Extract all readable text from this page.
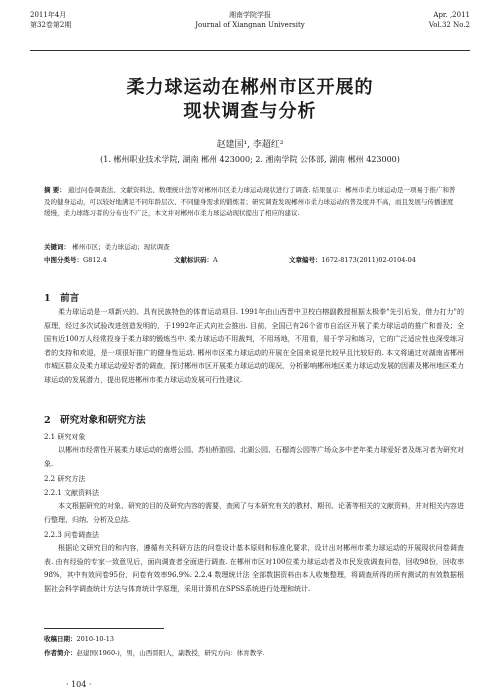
2011年4月
第32卷第2期
湘南学院学报
Journal of Xiangnan University
Apr. ,2011
Vol.32 No.2
柔力球运动在郴州市区开展的
现状调查与分析
赵建国¹, 李超红²
(1. 郴州职业技术学院, 湖南 郴州 423000; 2. 湘南学院 公体部, 湖南 郴州 423000)
摘 要： 通过问卷调查法、文献资料法、数理统计法等对郴州市区柔力球运动现状进行了调查. 结果显示：郴州市柔力球运动是一项易于推广和普及的健身运动，可以较好地满足不同年龄层次、不同健身需求的锻炼者；研究调查发现郴州市柔力球运动的普及度并不高，而且发展与传播速度缓慢，柔力球练习者的分布也不广泛，本文并对郴州市柔力球运动现状提出了相应的建议.
关键词： 郴州市区；柔力球运动；现状调查
中图分类号：G812.4	文献标识码：A	文章编号：1672-8173(2011)02-0104-04
1　前言
柔力球运动是一项新兴的、具有民族特色的体育运动项目. 1991年由山西晋中卫校白榕副教授根据太极拳"先引后发，借力打力"的原理，经过多次试验改进创造发明的，于1992年正式向社会推出. 目前，全国已有26个省市自治区开展了柔力球运动的推广和普及；全国有近100万人经常投身于柔力球的锻炼当中. 柔力球运动不用裁判，不用场地，不用看，易于学习和练习，它的广泛适应性也深受练习者的支持和欢迎，是一项很好推广的健身性运动. 郴州市区柔力球运动的开展在全国来说是比较早且比较好的. 本文将通过对湖南省郴州市城区群众及柔力球运动爱好者的调查，探讨郴州市区开展柔力球运动的现况，分析影响郴州地区柔力球运动发展的因素及郴州地区柔力球运动的发展潜力，提出促进郴州市柔力球运动发展可行性建议.
2　研究对象和研究方法
2.1 研究对象
以郴州市经常性开展柔力球运动的南塔公园、苏仙桥游园、北湖公园、石榴湾公园等广场众多中老年柔力球爱好者及练习者为研究对象.
2.2 研究方法
2.2.1 文献资料法
本文根据研究的对象、研究的目的及研究内容的需要，查阅了与本研究有关的教材、期刊、论著等相关的文献资料，并对相关内容进行整理、归纳、分析及总结.
2.2.3 问卷调查法
根据论文研究目的和内容，遵循有关科研方法的问卷设计基本原则和标准化要求，设计出对郴州市柔力球运动的开展现状问卷调查表. 由有经验的专家一致意见后，面向调查者全面进行调查. 在郴州市区对100位柔力球运动者及市民发放调查问卷，回收98份，回收率98%，其中有效问卷95份，问卷有效率96.9%. 2.2.4 数理统计法 全部数据资料由本人收集整理，将调查所得的所有测试的有效数据根据社会科学调查统计方法与体育统计学原理，采用计算机在SPSS系统进行处理和统计.
收稿日期：2010-10-13
作者简介：赵建国(1960-)，男，山西晋阳人，副教授，研究方向：体育教学.
· 104 ·
